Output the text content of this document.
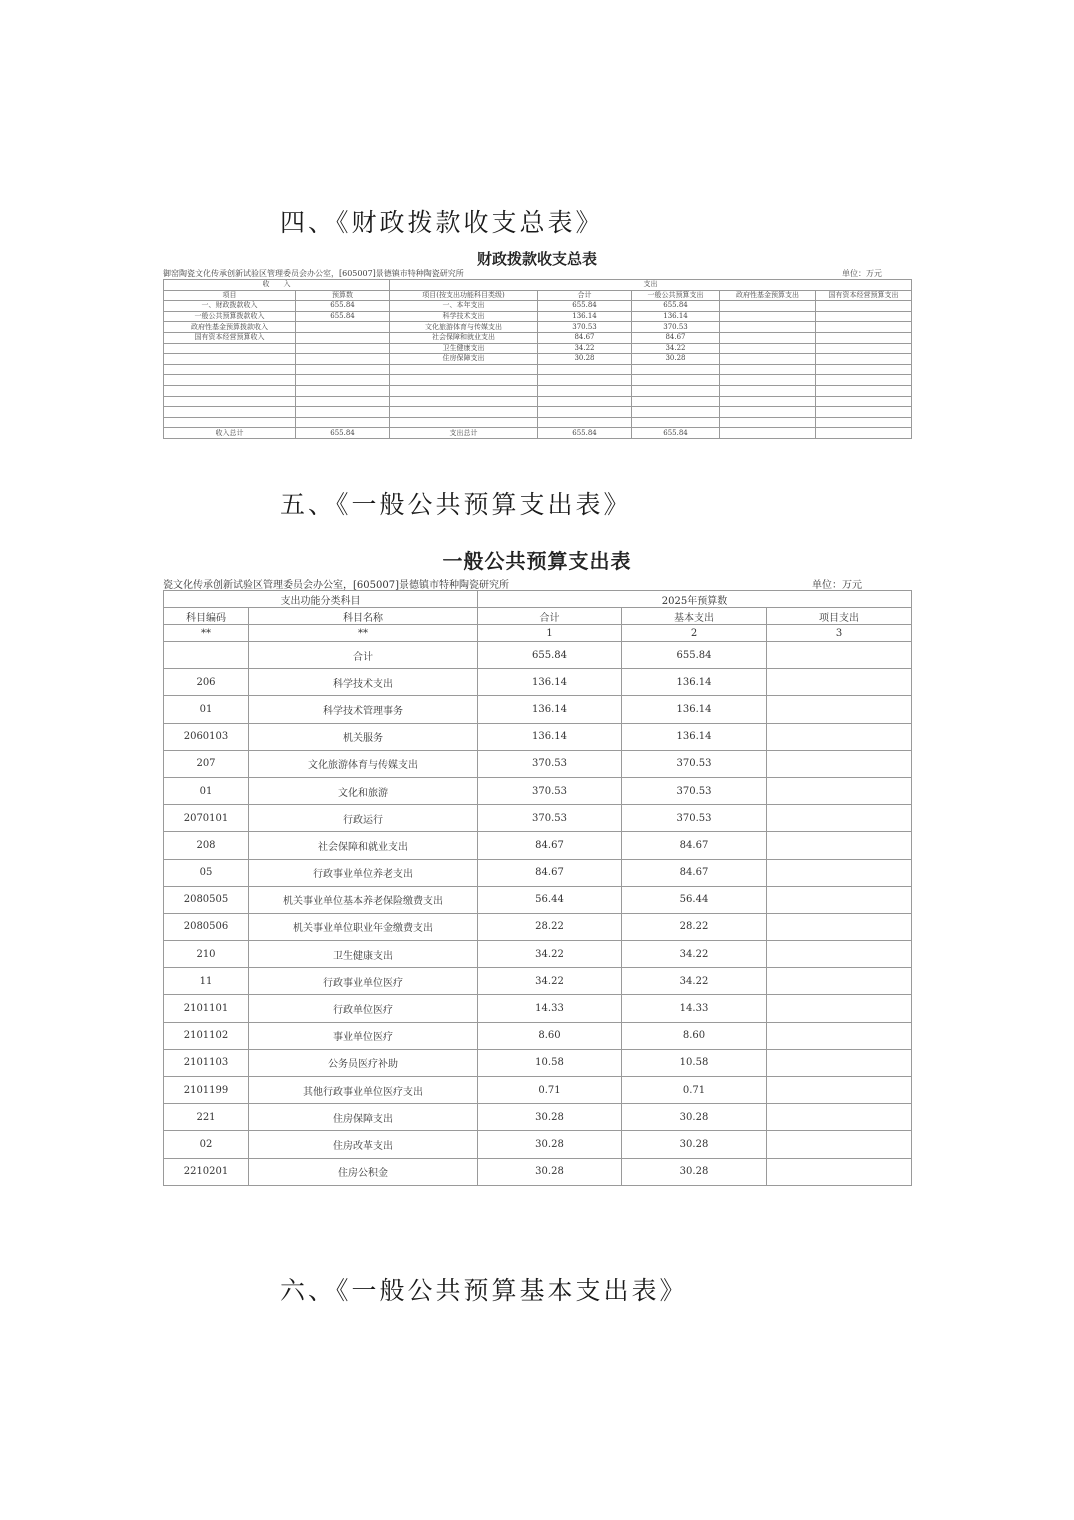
四、《财政拨款收支总表》
财政拨款收支总表
御窑陶瓷文化传承创新试验区管理委员会办公室，[605007]景德镇市特种陶瓷研究所	单位：万元
收　　入		支出				
项目	预算数	项目(按支出功能科目类级)	合计	一般公共预算支出	政府性基金预算支出	国有资本经营预算支出
一、财政拨款收入	655.84	一、本年支出	655.84	655.84		
一般公共预算拨款收入	655.84	科学技术支出	136.14	136.14		
政府性基金预算拨款收入		文化旅游体育与传媒支出	370.53	370.53		
国有资本经营预算收入		社会保障和就业支出	84.67	84.67		
		卫生健康支出	34.22	34.22		
		住房保障支出	30.28	30.28		

收入总计	655.84	支出总计	655.84	655.84		
五、《一般公共预算支出表》
一般公共预算支出表
瓷文化传承创新试验区管理委员会办公室，[605007]景德镇市特种陶瓷研究所	单位：万元
支出功能分类科目		2025年预算数		
科目编码	科目名称	合计	基本支出	项目支出
**	**	1	2	3
	合计	655.84	655.84	
206	科学技术支出	136.14	136.14	
01	科学技术管理事务	136.14	136.14	
2060103	机关服务	136.14	136.14	
207	文化旅游体育与传媒支出	370.53	370.53	
01	文化和旅游	370.53	370.53	
2070101	行政运行	370.53	370.53	
208	社会保障和就业支出	84.67	84.67	
05	行政事业单位养老支出	84.67	84.67	
2080505	机关事业单位基本养老保险缴费支出	56.44	56.44	
2080506	机关事业单位职业年金缴费支出	28.22	28.22	
210	卫生健康支出	34.22	34.22	
11	行政事业单位医疗	34.22	34.22	
2101101	行政单位医疗	14.33	14.33	
2101102	事业单位医疗	8.60	8.60	
2101103	公务员医疗补助	10.58	10.58	
2101199	其他行政事业单位医疗支出	0.71	0.71	
221	住房保障支出	30.28	30.28	
02	住房改革支出	30.28	30.28	
2210201	住房公积金	30.28	30.28	
六、《一般公共预算基本支出表》
